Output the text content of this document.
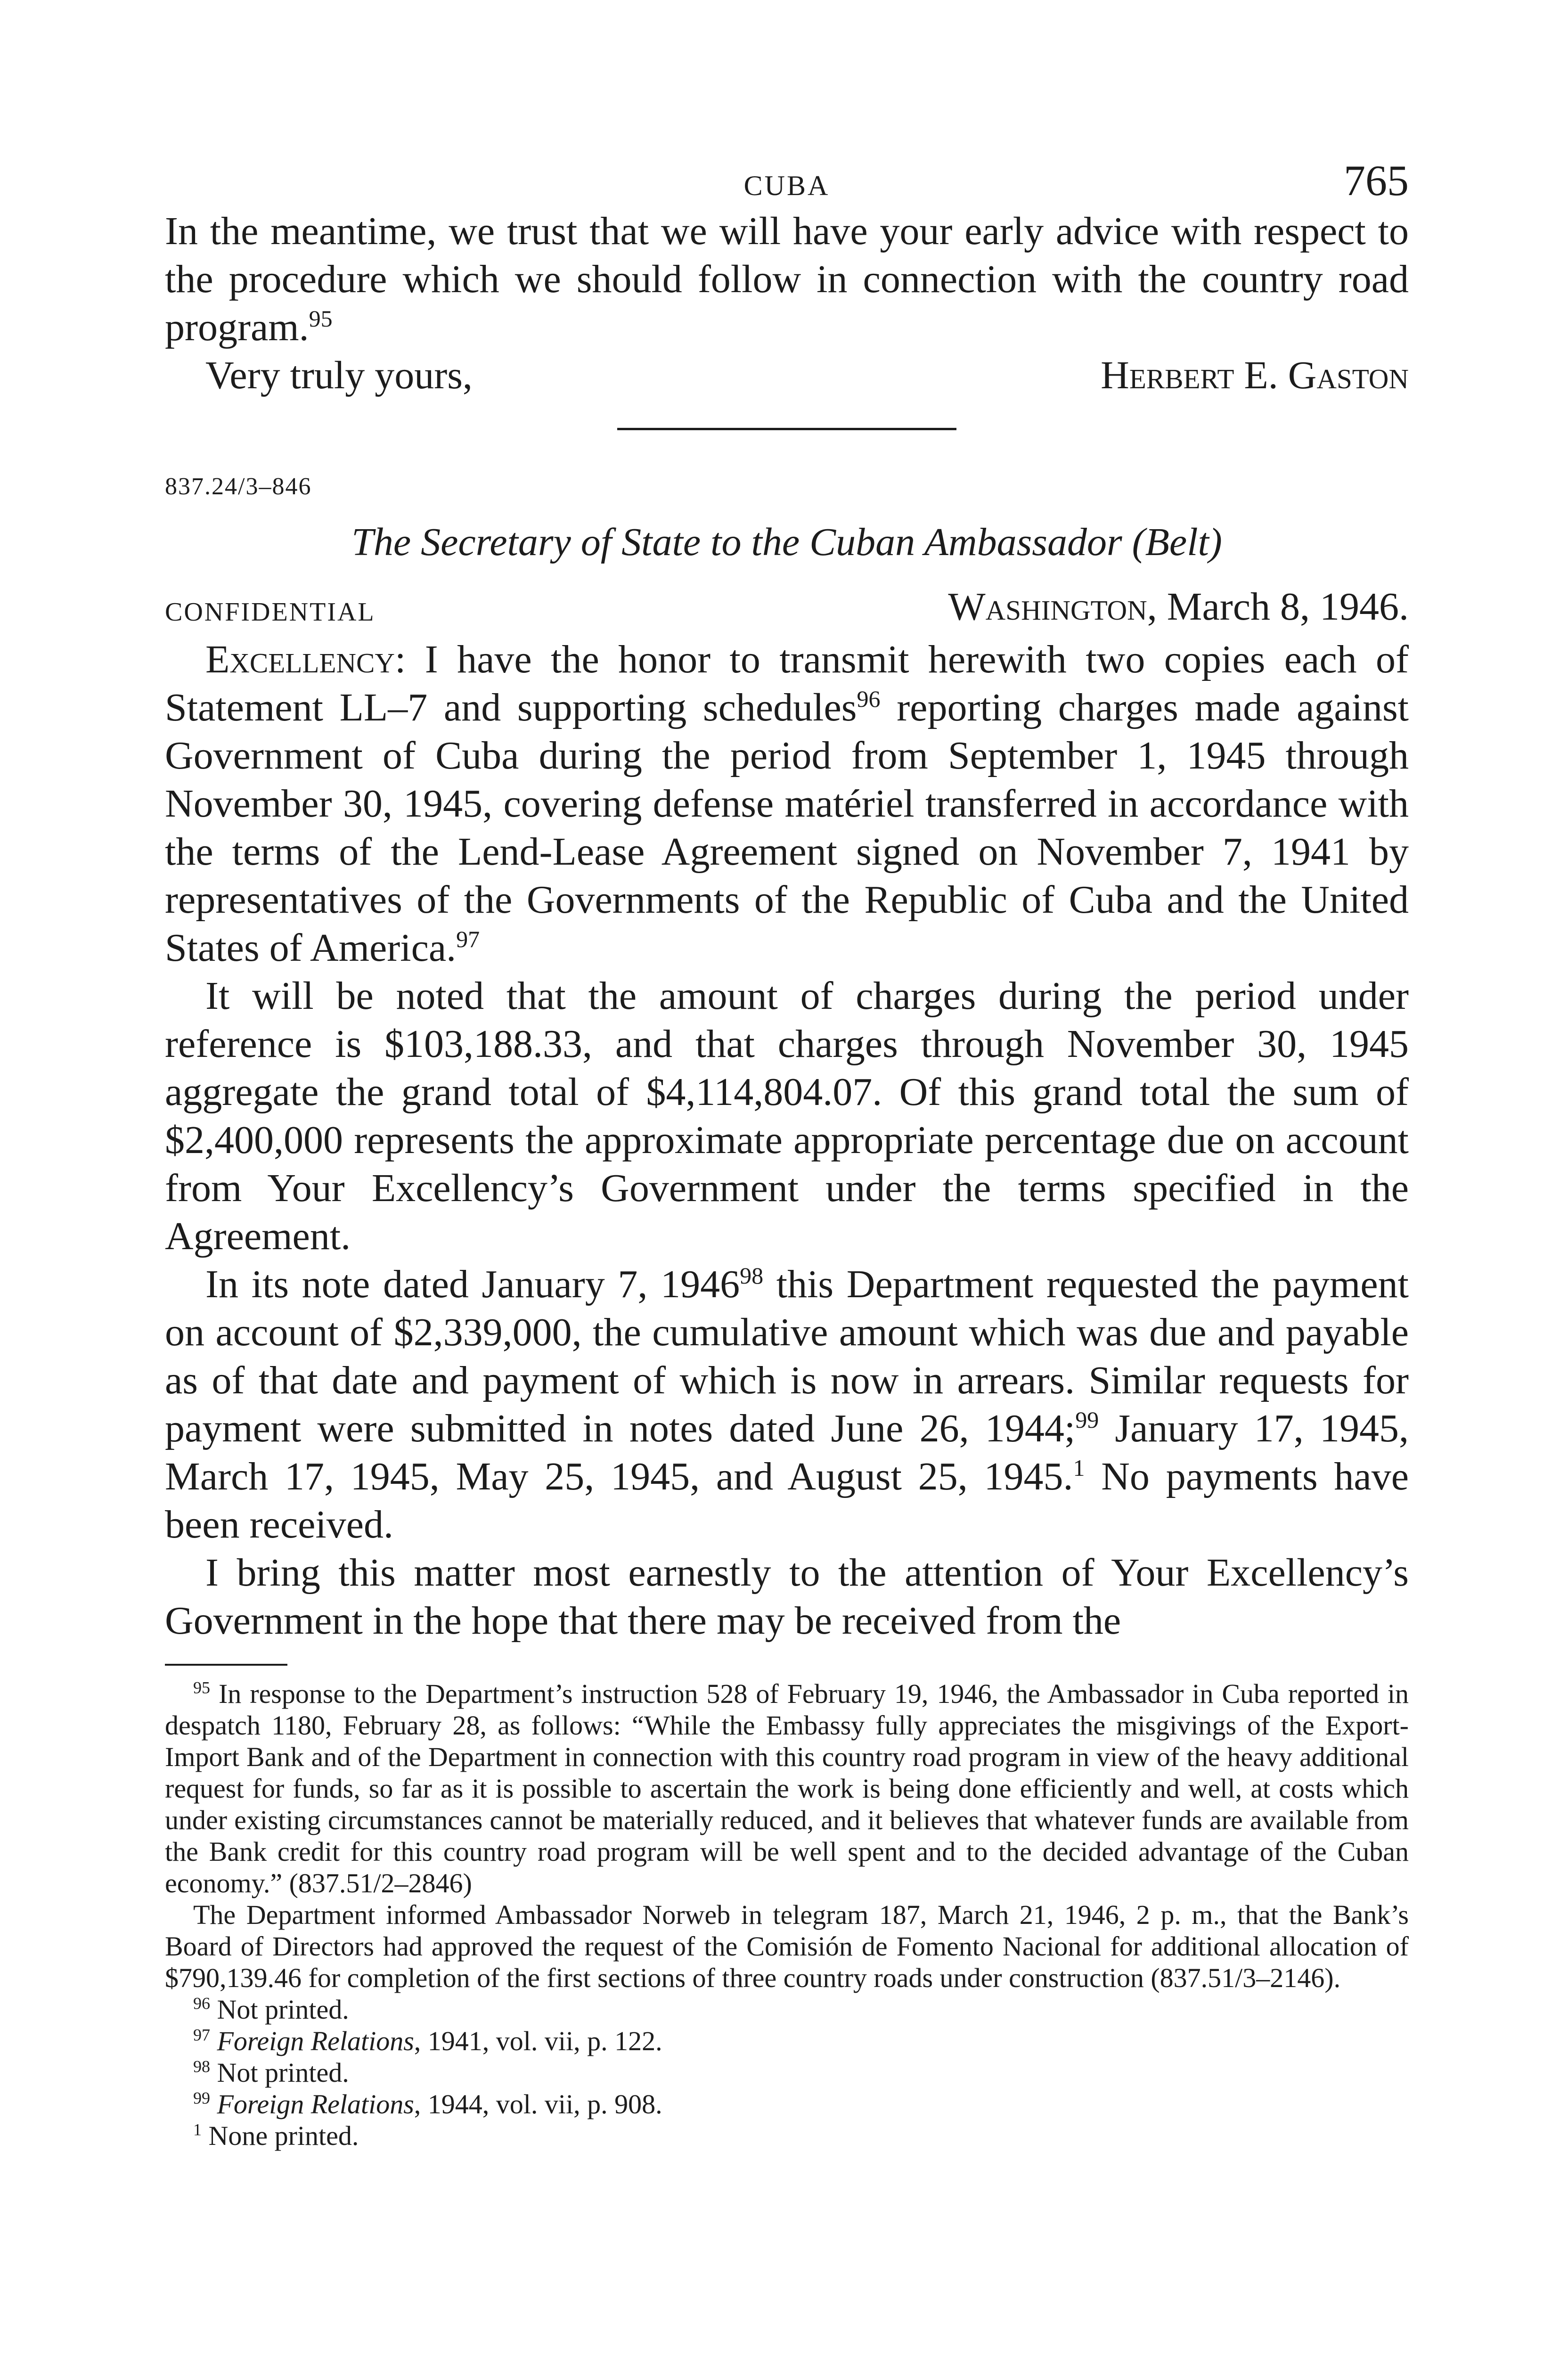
CUBA	765

In the meantime, we trust that we will have your early advice with respect to the procedure which we should follow in connection with the country road program.$^{95}$

Very truly yours,	Herbert E. Gaston
837.24/3–846
The Secretary of State to the Cuban Ambassador (Belt)
CONFIDENTIAL	Washington, March 8, 1946.

Excellency: I have the honor to transmit herewith two copies each of Statement LL–7 and supporting schedules$^{96}$ reporting charges made against Government of Cuba during the period from September 1, 1945 through November 30, 1945, covering defense matériel transferred in accordance with the terms of the Lend-Lease Agreement signed on November 7, 1941 by representatives of the Governments of the Republic of Cuba and the United States of America.$^{97}$

It will be noted that the amount of charges during the period under reference is $103,188.33, and that charges through November 30, 1945 aggregate the grand total of $4,114,804.07. Of this grand total the sum of $2,400,000 represents the approximate appropriate percentage due on account from Your Excellency’s Government under the terms specified in the Agreement.

In its note dated January 7, 1946$^{98}$ this Department requested the payment on account of $2,339,000, the cumulative amount which was due and payable as of that date and payment of which is now in arrears. Similar requests for payment were submitted in notes dated June 26, 1944;$^{99}$ January 17, 1945, March 17, 1945, May 25, 1945, and August 25, 1945.$^1$ No payments have been received.

I bring this matter most earnestly to the attention of Your Excellency’s Government in the hope that there may be received from the

$^{95}$ In response to the Department’s instruction 528 of February 19, 1946, the Ambassador in Cuba reported in despatch 1180, February 28, as follows: “While the Embassy fully appreciates the misgivings of the Export-Import Bank and of the Department in connection with this country road program in view of the heavy additional request for funds, so far as it is possible to ascertain the work is being done efficiently and well, at costs which under existing circumstances cannot be materially reduced, and it believes that whatever funds are available from the Bank credit for this country road program will be well spent and to the decided advantage of the Cuban economy.” (837.51/2–2846)

The Department informed Ambassador Norweb in telegram 187, March 21, 1946, 2 p. m., that the Bank’s Board of Directors had approved the request of the Comisión de Fomento Nacional for additional allocation of $790,139.46 for completion of the first sections of three country roads under construction (837.51/3–2146).

$^{96}$ Not printed.

$^{97}$ Foreign Relations, 1941, vol. vii, p. 122.

$^{98}$ Not printed.

$^{99}$ Foreign Relations, 1944, vol. vii, p. 908.

$^1$ None printed.
